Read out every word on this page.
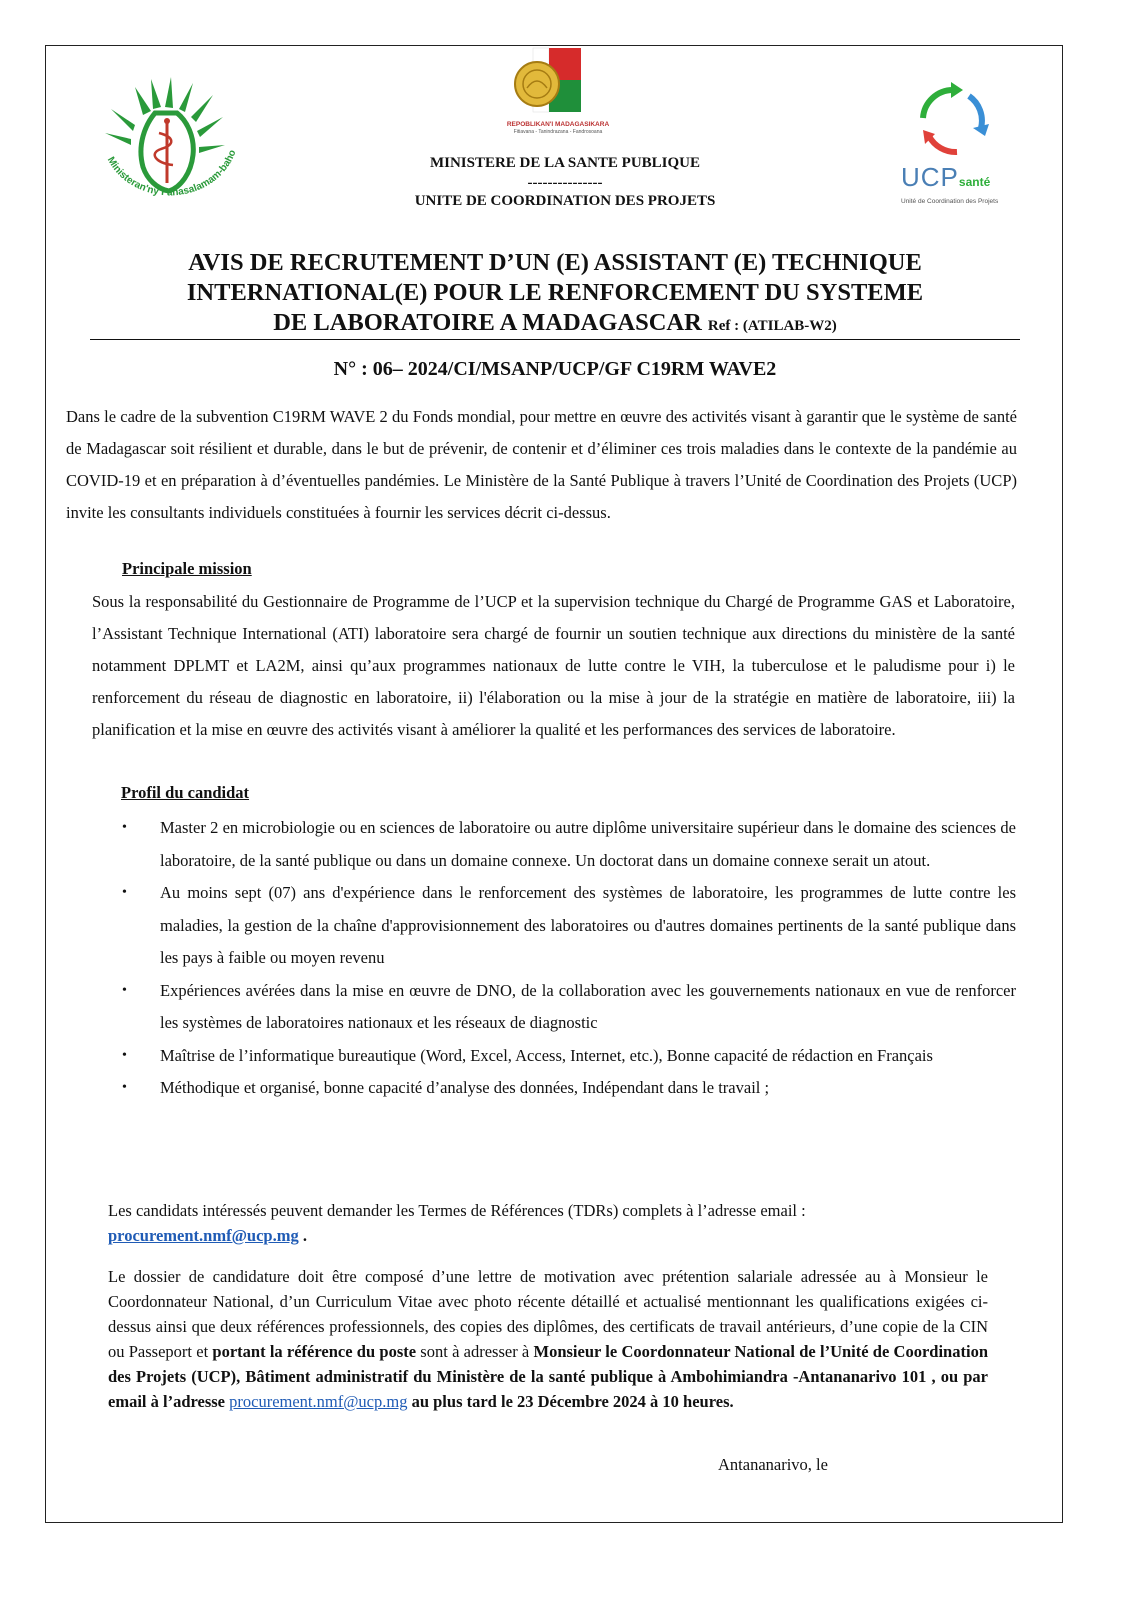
Ministeran'ny Fahasalamam-baho
REPOBLIKAN'I MADAGASIKARA
Fitiavana - Tanindrazana - Fandrosoana
UCPsanté
Unité de Coordination des Projets
MINISTERE DE LA SANTE PUBLIQUE
---------------
UNITE DE COORDINATION DES PROJETS
AVIS DE RECRUTEMENT D’UN (E) ASSISTANT (E) TECHNIQUE
INTERNATIONAL(E) POUR LE RENFORCEMENT DU SYSTEME
DE LABORATOIRE A MADAGASCAR Ref : (ATILAB-W2)
N° : 06– 2024/CI/MSANP/UCP/GF C19RM WAVE2
Dans le cadre de la subvention C19RM WAVE 2 du Fonds mondial, pour mettre en œuvre des activités visant à garantir que le système de santé de Madagascar soit résilient et durable, dans le but de prévenir, de contenir et d’éliminer ces trois maladies dans le contexte de la pandémie au COVID-19 et en préparation à d’éventuelles pandémies. Le Ministère de la Santé Publique à travers l’Unité de Coordination des Projets (UCP) invite les consultants individuels constituées à fournir les services décrit ci-dessus.
Principale mission
Sous la responsabilité du Gestionnaire de Programme de l’UCP et la supervision technique du Chargé de Programme GAS et Laboratoire, l’Assistant Technique International (ATI) laboratoire sera chargé de fournir un soutien technique aux directions du ministère de la santé notamment DPLMT et LA2M, ainsi qu’aux programmes nationaux de lutte contre le VIH, la tuberculose et le paludisme pour i) le renforcement du réseau de diagnostic en laboratoire, ii) l'élaboration ou la mise à jour de la stratégie en matière de laboratoire, iii) la planification et la mise en œuvre des activités visant à améliorer la qualité et les performances des services de laboratoire.
Profil du candidat
• Master 2 en microbiologie ou en sciences de laboratoire ou autre diplôme universitaire supérieur dans le domaine des sciences de laboratoire, de la santé publique ou dans un domaine connexe. Un doctorat dans un domaine connexe serait un atout.
• Au moins sept (07) ans d'expérience dans le renforcement des systèmes de laboratoire, les programmes de lutte contre les maladies, la gestion de la chaîne d'approvisionnement des laboratoires ou d'autres domaines pertinents de la santé publique dans les pays à faible ou moyen revenu
• Expériences avérées dans la mise en œuvre de DNO, de la collaboration avec les gouvernements nationaux en vue de renforcer les systèmes de laboratoires nationaux et les réseaux de diagnostic
• Maîtrise de l’informatique bureautique (Word, Excel, Access, Internet, etc.), Bonne capacité de rédaction en Français
• Méthodique et organisé, bonne capacité d’analyse des données, Indépendant dans le travail ;
Les candidats intéressés peuvent demander les Termes de Références (TDRs) complets à l’adresse email :
procurement.nmf@ucp.mg .
Le dossier de candidature doit être composé d’une lettre de motivation avec prétention salariale adressée au à Monsieur le Coordonnateur National, d’un Curriculum Vitae avec photo récente détaillé et actualisé mentionnant les qualifications exigées ci-dessus ainsi que deux références professionnels, des copies des diplômes, des certificats de travail antérieurs, d’une copie de la CIN ou Passeport et portant la référence du poste sont à adresser à Monsieur le Coordonnateur National de l’Unité de Coordination des Projets (UCP), Bâtiment administratif du Ministère de la santé publique à Ambohimiandra -Antananarivo 101 , ou par email à l’adresse procurement.nmf@ucp.mg au plus tard le 23 Décembre 2024 à 10 heures.
Antananarivo, le
